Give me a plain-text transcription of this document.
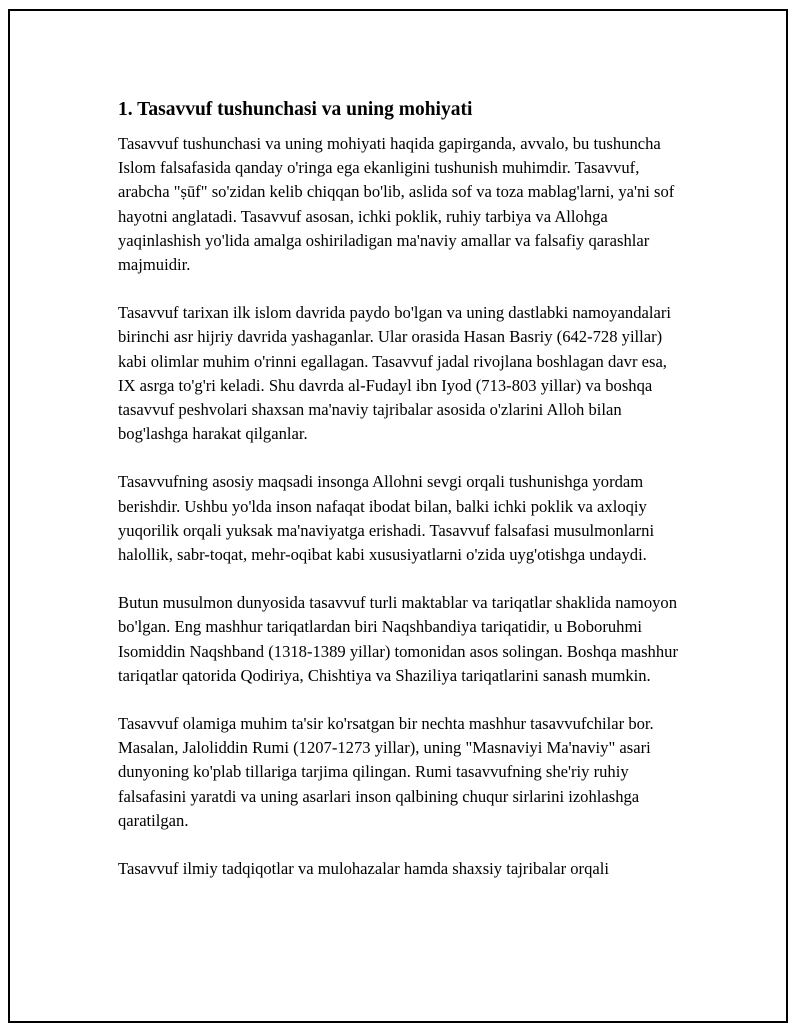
1. Tasavvuf tushunchasi va uning mohiyati

Tasavvuf tushunchasi va uning mohiyati haqida gapirganda, avvalo, bu tushuncha Islom falsafasida qanday o'ringa ega ekanligini tushunish muhimdir. Tasavvuf, arabcha "ṣūf" so'zidan kelib chiqqan bo'lib, aslida sof va toza mablag'larni, ya'ni sof hayotni anglatadi. Tasavvuf asosan, ichki poklik, ruhiy tarbiya va Allohga yaqinlashish yo'lida amalga oshiriladigan ma'naviy amallar va falsafiy qarashlar majmuidir.

Tasavvuf tarixan ilk islom davrida paydo bo'lgan va uning dastlabki namoyandalari birinchi asr hijriy davrida yashaganlar. Ular orasida Hasan Basriy (642-728 yillar) kabi olimlar muhim o'rinni egallagan. Tasavvuf jadal rivojlana boshlagan davr esa, IX asrga to'g'ri keladi. Shu davrda al-Fudayl ibn Iyod (713-803 yillar) va boshqa tasavvuf peshvolari shaxsan ma'naviy tajribalar asosida o'zlarini Alloh bilan bog'lashga harakat qilganlar.

Tasavvufning asosiy maqsadi insonga Allohni sevgi orqali tushunishga yordam berishdir. Ushbu yo'lda inson nafaqat ibodat bilan, balki ichki poklik va axloqiy yuqorilik orqali yuksak ma'naviyatga erishadi. Tasavvuf falsafasi musulmonlarni halollik, sabr-toqat, mehr-oqibat kabi xususiyatlarni o'zida uyg'otishga undaydi.

Butun musulmon dunyosida tasavvuf turli maktablar va tariqatlar shaklida namoyon bo'lgan. Eng mashhur tariqatlardan biri Naqshbandiya tariqatidir, u Boboruhmi Isomiddin Naqshband (1318-1389 yillar) tomonidan asos solingan. Boshqa mashhur tariqatlar qatorida Qodiriya, Chishtiya va Shaziliya tariqatlarini sanash mumkin.

Tasavvuf olamiga muhim ta'sir ko'rsatgan bir nechta mashhur tasavvufchilar bor. Masalan, Jaloliddin Rumi (1207-1273 yillar), uning "Masnaviyi Ma'naviy" asari dunyoning ko'plab tillariga tarjima qilingan. Rumi tasavvufning she'riy ruhiy falsafasini yaratdi va uning asarlari inson qalbining chuqur sirlarini izohlashga qaratilgan.

Tasavvuf ilmiy tadqiqotlar va mulohazalar hamda shaxsiy tajribalar orqali
